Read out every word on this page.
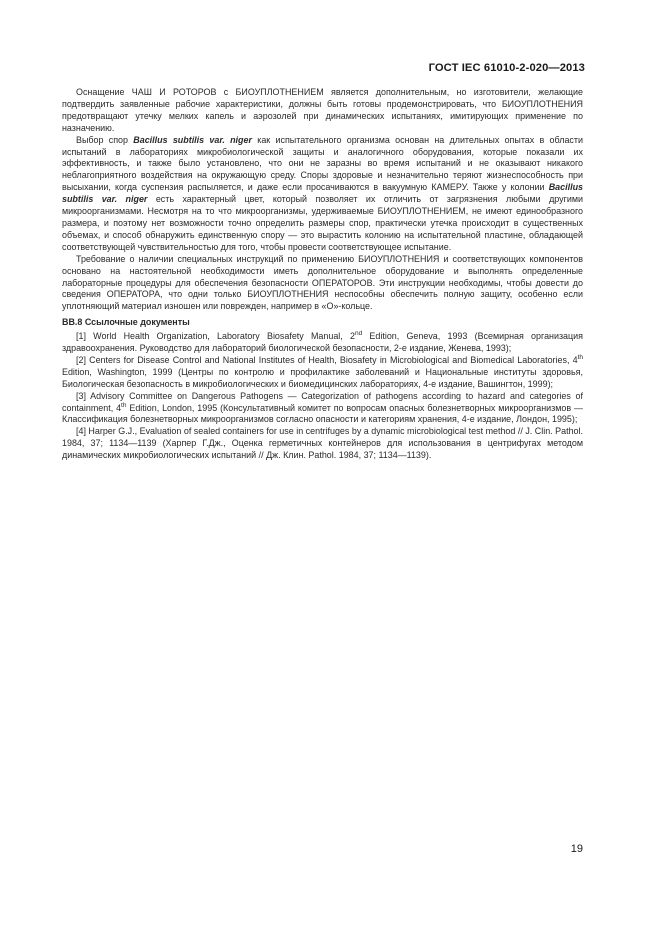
ГОСТ IEC 61010-2-020—2013

Оснащение ЧАШ И РОТОРОВ с БИОУПЛОТНЕНИЕМ является дополнительным, но изготовители, желающие подтвердить заявленные рабочие характеристики, должны быть готовы продемонстрировать, что БИОУПЛОТНЕНИЯ предотвращают утечку мелких капель и аэрозолей при динамических испытаниях, имитирующих применение по назначению.

Выбор спор Bacillus subtilis var. niger как испытательного организма основан на длительных опытах в области испытаний в лабораториях микробиологической защиты и аналогичного оборудования, которые показали их эффективность, и также было установлено, что они не заразны во время испытаний и не оказывают никакого неблагоприятного воздействия на окружающую среду. Споры здоровые и незначительно теряют жизнеспособность при высыхании, когда суспензия распыляется, и даже если просачиваются в вакуумную КАМЕРУ. Также у колонии Bacillus subtilis var. niger есть характерный цвет, который позволяет их отличить от загрязнения любыми другими микроорганизмами. Несмотря на то что микроорганизмы, удерживаемые БИОУПЛОТНЕНИЕМ, не имеют единообразного размера, и поэтому нет возможности точно определить размеры спор, практически утечка происходит в существенных объемах, и способ обнаружить единственную спору — это вырастить колонию на испытательной пластине, обладающей соответствующей чувствительностью для того, чтобы провести соответствующее испытание.

Требование о наличии специальных инструкций по применению БИОУПЛОТНЕНИЯ и соответствующих компонентов основано на настоятельной необходимости иметь дополнительное оборудование и выполнять определенные лабораторные процедуры для обеспечения безопасности ОПЕРАТОРОВ. Эти инструкции необходимы, чтобы довести до сведения ОПЕРАТОРА, что одни только БИОУПЛОТНЕНИЯ неспособны обеспечить полную защиту, особенно если уплотняющий материал изношен или поврежден, например в «О»-кольце.

BB.8 Ссылочные документы

[1] World Health Organization, Laboratory Biosafety Manual, 2nd Edition, Geneva, 1993 (Всемирная организация здравоохранения. Руководство для лабораторий биологической безопасности, 2-е издание, Женева, 1993);

[2] Centers for Disease Control and National Institutes of Health, Biosafety in Microbiological and Biomedical Laboratories, 4th Edition, Washington, 1999 (Центры по контролю и профилактике заболеваний и Национальные институты здоровья, Биологическая безопасность в микробиологических и биомедицинских лабораториях, 4-е издание, Вашингтон, 1999);

[3] Advisory Committee on Dangerous Pathogens — Categorization of pathogens according to hazard and categories of containment, 4th Edition, London, 1995 (Консультативный комитет по вопросам опасных болезнетворных микроорганизмов — Классификация болезнетворных микроорганизмов согласно опасности и категориям хранения, 4-е издание, Лондон, 1995);

[4] Harper G.J., Evaluation of sealed containers for use in centrifuges by a dynamic microbiological test method // J. Clin. Pathol. 1984, 37; 1134—1139 (Харпер Г.Дж., Оценка герметичных контейнеров для использования в центрифугах методом динамических микробиологических испытаний // Дж. Клин. Pathol. 1984, 37; 1134—1139).

19
